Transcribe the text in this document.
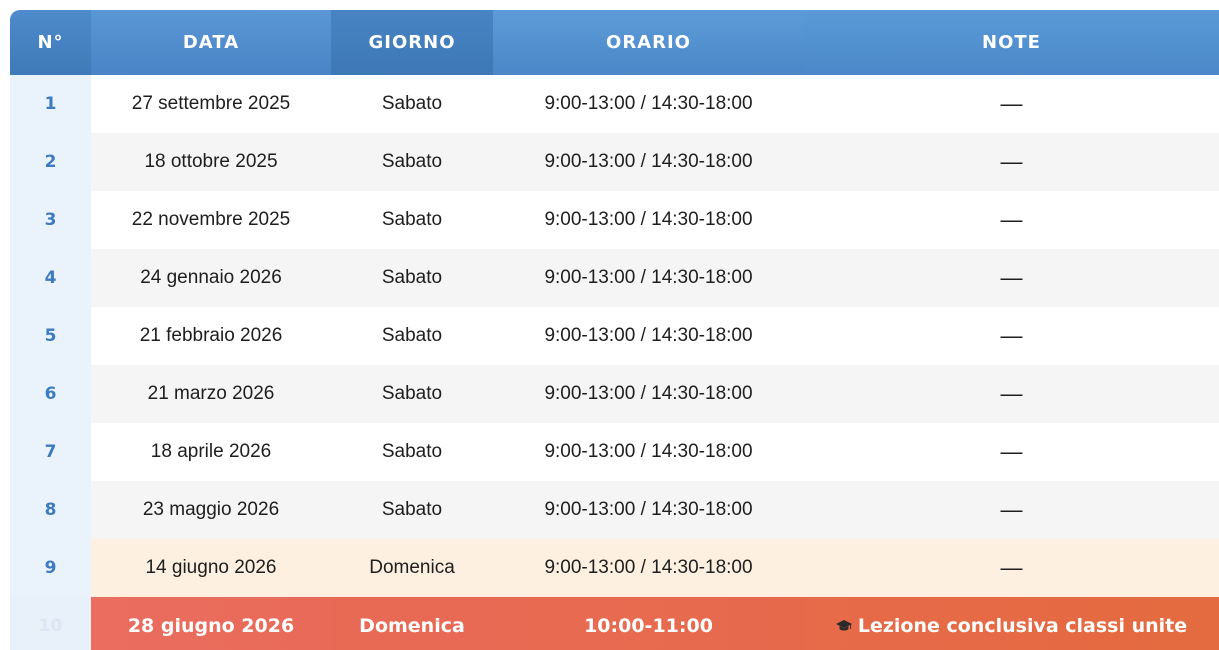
N°	DATA	GIORNO	ORARIO	NOTE
1	27 settembre 2025	Sabato	9:00-13:00 / 14:30-18:00	—
2	18 ottobre 2025	Sabato	9:00-13:00 / 14:30-18:00	—
3	22 novembre 2025	Sabato	9:00-13:00 / 14:30-18:00	—
4	24 gennaio 2026	Sabato	9:00-13:00 / 14:30-18:00	—
5	21 febbraio 2026	Sabato	9:00-13:00 / 14:30-18:00	—
6	21 marzo 2026	Sabato	9:00-13:00 / 14:30-18:00	—
7	18 aprile 2026	Sabato	9:00-13:00 / 14:30-18:00	—
8	23 maggio 2026	Sabato	9:00-13:00 / 14:30-18:00	—
9	14 giugno 2026	Domenica	9:00-13:00 / 14:30-18:00	—
10	28 giugno 2026	Domenica	10:00-11:00	Lezione conclusiva classi unite
